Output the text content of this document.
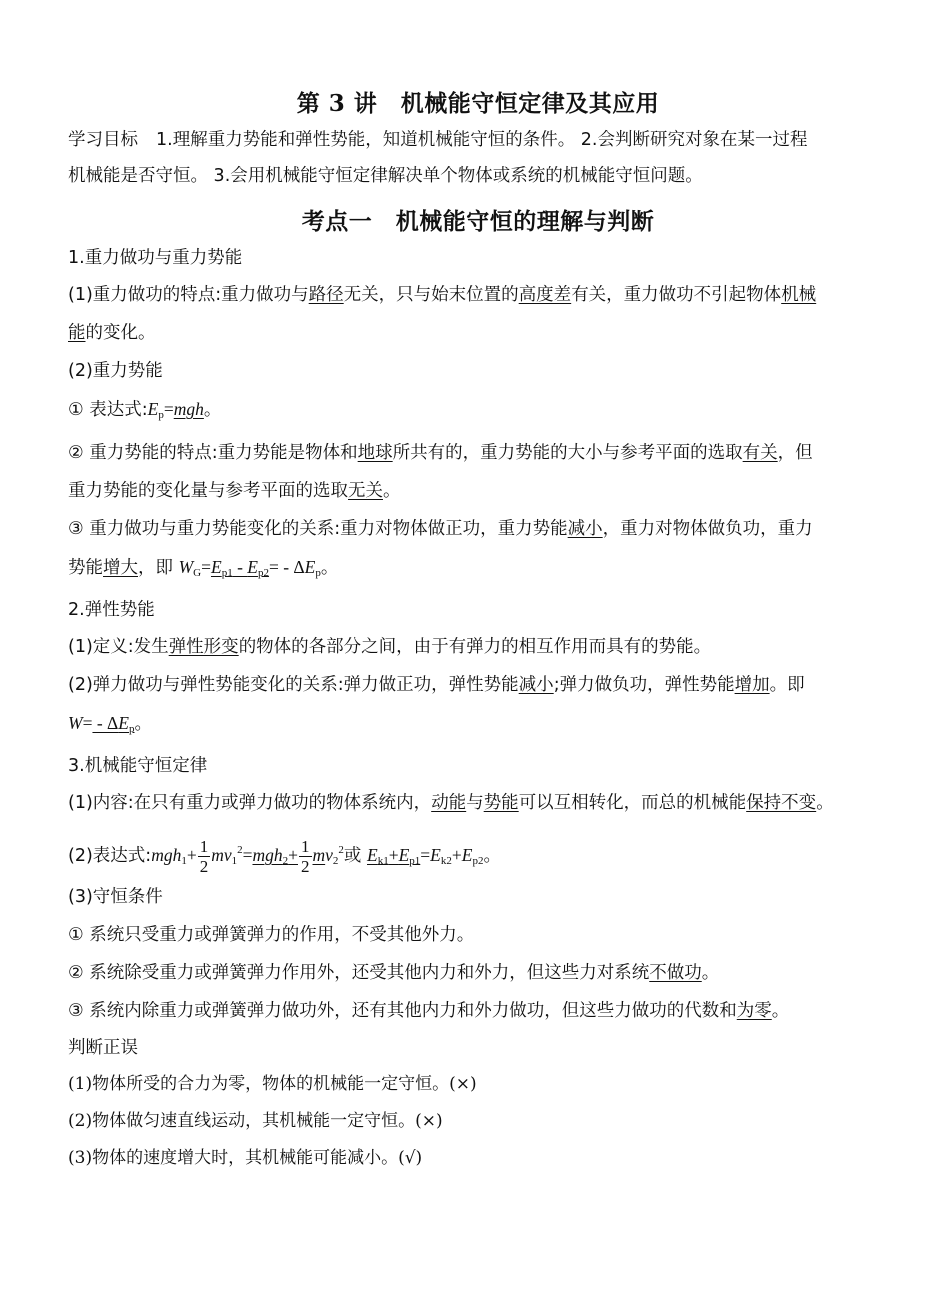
第 3 讲　机械能守恒定律及其应用
学习目标 1.理解重力势能和弹性势能，知道机械能守恒的条件。 2.会判断研究对象在某一过程
机械能是否守恒。 3.会用机械能守恒定律解决单个物体或系统的机械能守恒问题。
考点一　机械能守恒的理解与判断
1.重力做功与重力势能
(1)重力做功的特点:重力做功与路径无关，只与始末位置的高度差有关，重力做功不引起物体机械
能的变化。
(2)重力势能
① 表达式$:E_p=mgh$。
② 重力势能的特点:重力势能是物体和地球所共有的，重力势能的大小与参考平面的选取有关，但
重力势能的变化量与参考平面的选取无关。
③ 重力做功与重力势能变化的关系:重力对物体做正功，重力势能减小，重力对物体做负功，重力
势能增大，即 $W_G=E_{p1} - E_{p2}= - \Delta E_p$。
2.弹性势能
(1)定义:发生弹性形变的物体的各部分之间，由于有弹力的相互作用而具有的势能。
(2)弹力做功与弹性势能变化的关系:弹力做正功，弹性势能减小;弹力做负功，弹性势能增加。即
$W= - \Delta E_p$。
3.机械能守恒定律
(1)内容:在只有重力或弹力做功的物体系统内，动能与势能可以互相转化，而总的机械能保持不变。
(2)表达式:mgh$_1$+ $\frac{1}{2} mv_1^2=mgh_2+ \frac{1}{2} mv_2^2$或 $E_{k1}+E_{p1}=E_{k2}+E_{p2}$。
(3)守恒条件
① 系统只受重力或弹簧弹力的作用，不受其他外力。
② 系统除受重力或弹簧弹力作用外，还受其他内力和外力，但这些力对系统不做功。
③ 系统内除重力或弹簧弹力做功外，还有其他内力和外力做功，但这些力做功的代数和为零。
判断正误
(1)物体所受的合力为零，物体的机械能一定守恒。(×)
(2)物体做匀速直线运动，其机械能一定守恒。(×)
(3)物体的速度增大时，其机械能可能减小。(√)
